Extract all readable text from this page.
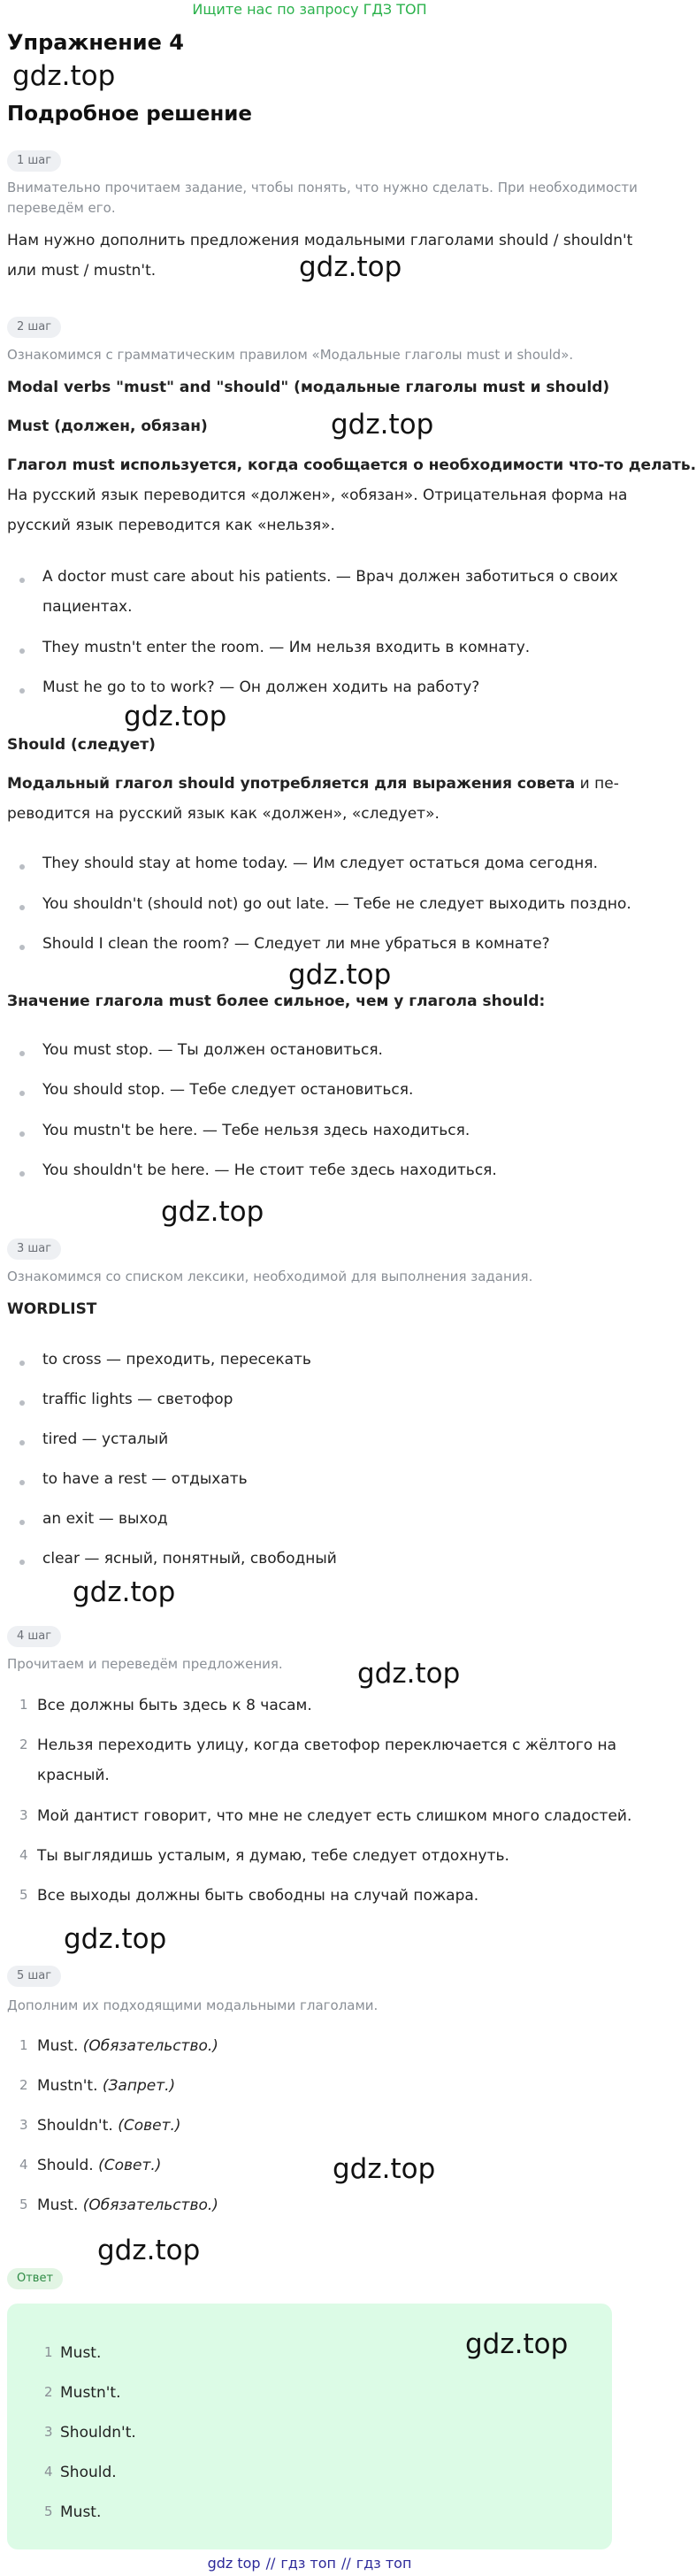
Ищите нас по запросу ГДЗ ТОП
Упражнение 4
gdz.top
Подробное решение
1 шаг
Внимательно прочитаем задание, чтобы понять, что нужно сделать. При необходимости
переведём его.
Нам нужно дополнить предложения модальными глаголами should / shouldn't
или must / mustn't.	gdz.top
2 шаг
Ознакомимся с грамматическим правилом «Модальные глаголы must и should».
Modal verbs "must" and "should" (модальные глаголы must и should)
gdz.top
Must (должен, обязан)
Глагол must используется, когда сообщается о необходимости что-то делать.
На русский язык переводится «должен», «обязан». Отрицательная форма на
русский язык переводится как «нельзя».
A doctor must care about his patients. — Врач должен заботиться о своих
пациентах.
They mustn't enter the room. — Им нельзя входить в комнату.
Must he go to to work? — Он должен ходить на работу?
gdz.top
Should (следует)
Модальный глагол should употребляется для выражения совета и пе-
реводится на русский язык как «должен», «следует».
They should stay at home today. — Им следует остаться дома сегодня.
You shouldn't (should not) go out late. — Тебе не следует выходить поздно.
Should I clean the room? — Следует ли мне убраться в комнате?
gdz.top
Значение глагола must более сильное, чем у глагола should:
You must stop. — Ты должен остановиться.
You should stop. — Тебе следует остановиться.
You mustn't be here. — Тебе нельзя здесь находиться.
You shouldn't be here. — Не стоит тебе здесь находиться.
gdz.top
3 шаг
Ознакомимся со списком лексики, необходимой для выполнения задания.
WORDLIST
to cross — преходить, пересекать
traffic lights — светофор
tired — усталый
to have a rest — отдыхать
an exit — выход
clear — ясный, понятный, свободный
gdz.top
4 шаг
Прочитаем и переведём предложения.	gdz.top
1 Все должны быть здесь к 8 часам.
2 Нельзя переходить улицу, когда светофор переключается с жёлтого на
красный.
3 Мой дантист говорит, что мне не следует есть слишком много сладостей.
4 Ты выглядишь усталым, я думаю, тебе следует отдохнуть.
5 Все выходы должны быть свободны на случай пожара.
gdz.top
5 шаг
Дополним их подходящими модальными глаголами.
1 Must. (Обязательство.)
2 Mustn't. (Запрет.)
3 Shouldn't. (Совет.)
4 Should. (Совет.)
5 Must. (Обязательство.)
gdz.top
gdz.top
Ответ
gdz.top
1 Must.
2 Mustn't.
3 Shouldn't.
4 Should.
5 Must.
gdz top // гдз топ // гдз топ
